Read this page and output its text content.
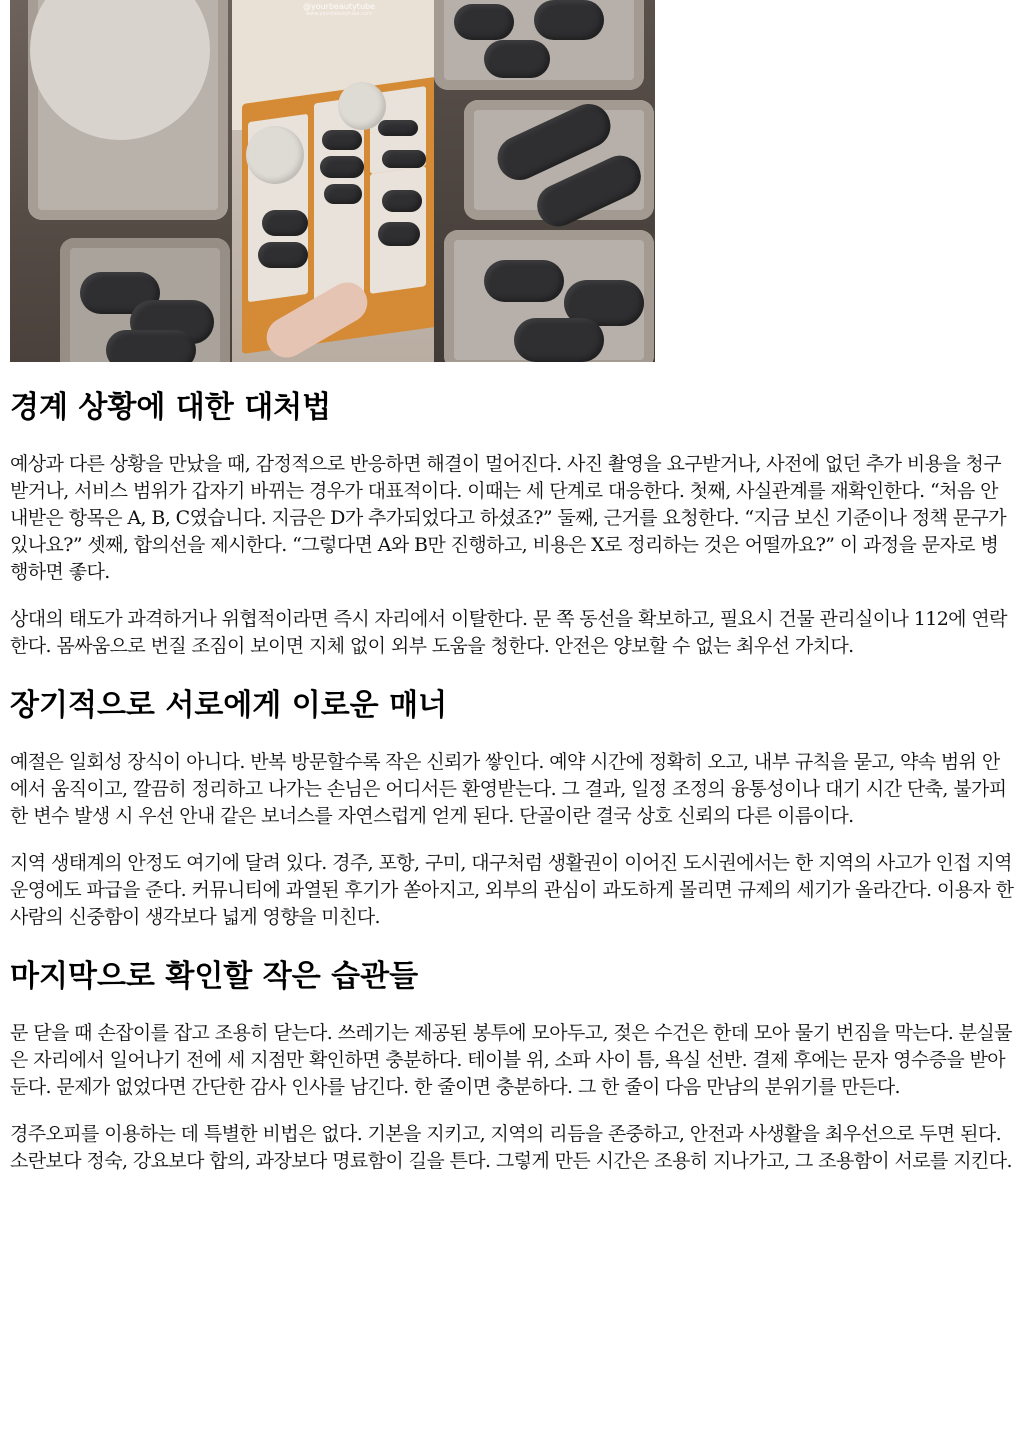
@yourbeautytube
www.yourbeautytube.com
경계 상황에 대한 대처법

예상과 다른 상황을 만났을 때, 감정적으로 반응하면 해결이 멀어진다. 사진 촬영을 요구받거나, 사전에 없던 추가 비용을 청구받거나, 서비스 범위가 갑자기 바뀌는 경우가 대표적이다. 이때는 세 단계로 대응한다. 첫째, 사실관계를 재확인한다. “처음 안내받은 항목은 A, B, C였습니다. 지금은 D가 추가되었다고 하셨죠?” 둘째, 근거를 요청한다. “지금 보신 기준이나 정책 문구가 있나요?” 셋째, 합의선을 제시한다. “그렇다면 A와 B만 진행하고, 비용은 X로 정리하는 것은 어떨까요?” 이 과정을 문자로 병행하면 좋다.

상대의 태도가 과격하거나 위협적이라면 즉시 자리에서 이탈한다. 문 쪽 동선을 확보하고, 필요시 건물 관리실이나 112에 연락한다. 몸싸움으로 번질 조짐이 보이면 지체 없이 외부 도움을 청한다. 안전은 양보할 수 없는 최우선 가치다.

장기적으로 서로에게 이로운 매너

예절은 일회성 장식이 아니다. 반복 방문할수록 작은 신뢰가 쌓인다. 예약 시간에 정확히 오고, 내부 규칙을 묻고, 약속 범위 안에서 움직이고, 깔끔히 정리하고 나가는 손님은 어디서든 환영받는다. 그 결과, 일정 조정의 융통성이나 대기 시간 단축, 불가피한 변수 발생 시 우선 안내 같은 보너스를 자연스럽게 얻게 된다. 단골이란 결국 상호 신뢰의 다른 이름이다.

지역 생태계의 안정도 여기에 달려 있다. 경주, 포항, 구미, 대구처럼 생활권이 이어진 도시권에서는 한 지역의 사고가 인접 지역 운영에도 파급을 준다. 커뮤니티에 과열된 후기가 쏟아지고, 외부의 관심이 과도하게 몰리면 규제의 세기가 올라간다. 이용자 한 사람의 신중함이 생각보다 넓게 영향을 미친다.

마지막으로 확인할 작은 습관들

문 닫을 때 손잡이를 잡고 조용히 닫는다. 쓰레기는 제공된 봉투에 모아두고, 젖은 수건은 한데 모아 물기 번짐을 막는다. 분실물은 자리에서 일어나기 전에 세 지점만 확인하면 충분하다. 테이블 위, 소파 사이 틈, 욕실 선반. 결제 후에는 문자 영수증을 받아둔다. 문제가 없었다면 간단한 감사 인사를 남긴다. 한 줄이면 충분하다. 그 한 줄이 다음 만남의 분위기를 만든다.

경주오피를 이용하는 데 특별한 비법은 없다. 기본을 지키고, 지역의 리듬을 존중하고, 안전과 사생활을 최우선으로 두면 된다. 소란보다 정숙, 강요보다 합의, 과장보다 명료함이 길을 튼다. 그렇게 만든 시간은 조용히 지나가고, 그 조용함이 서로를 지킨다.
